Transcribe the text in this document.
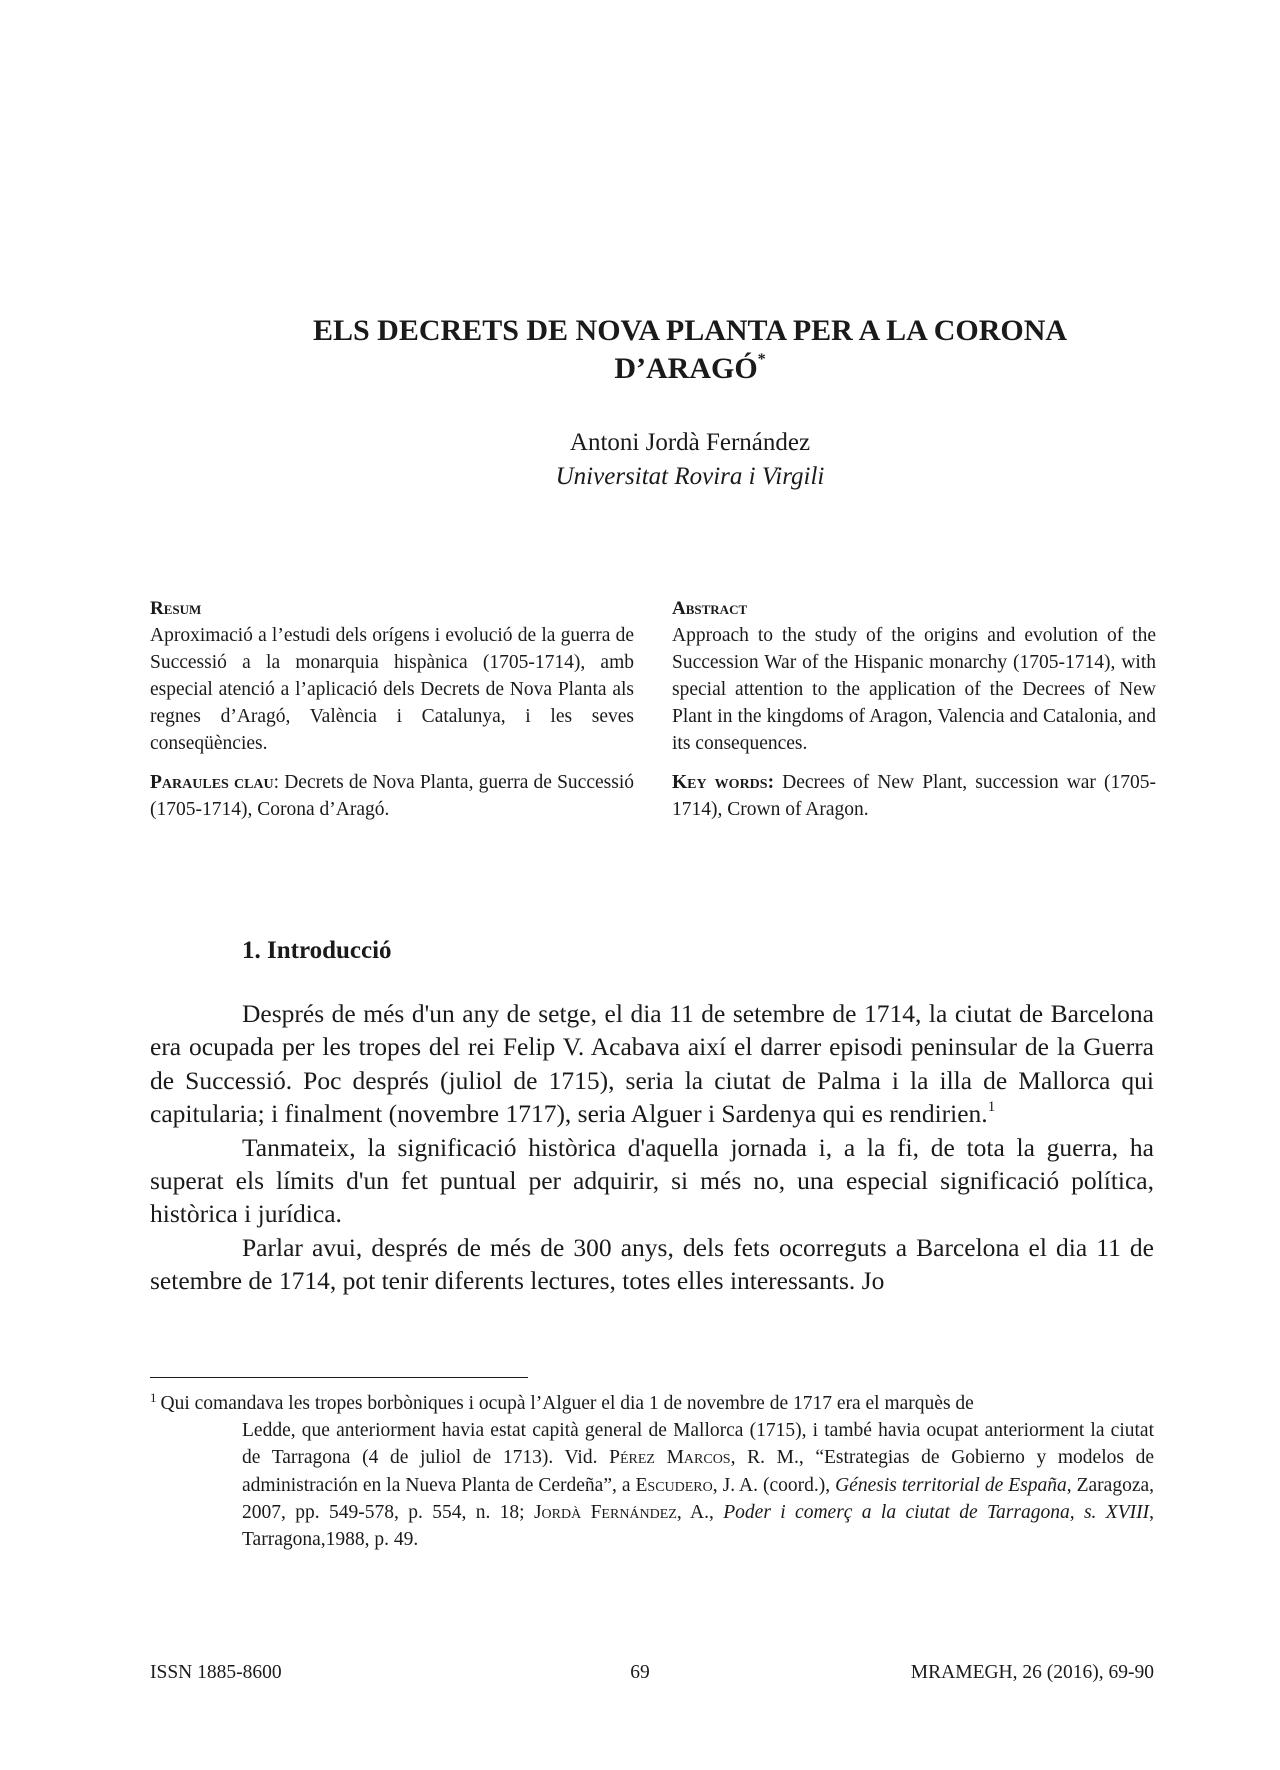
ELS DECRETS DE NOVA PLANTA PER A LA CORONA
D’ARAGÓ*
Antoni Jordà Fernández
Universitat Rovira i Virgili
Resum

Aproximació a l’estudi dels orígens i evolució de la guerra de Successió a la monarquia hispànica (1705-1714), amb especial atenció a l’aplicació dels Decrets de Nova Planta als regnes d’Aragó, València i Catalunya, i les seves conseqüències.

Paraules clau: Decrets de Nova Planta, guerra de Successió (1705-1714), Corona d’Aragó.

Abstract

Approach to the study of the origins and evolution of the Succession War of the Hispanic monarchy (1705-1714), with special attention to the application of the Decrees of New Plant in the kingdoms of Aragon, Valencia and Catalonia, and its consequences.

Key words: Decrees of New Plant, succession war (1705-1714), Crown of Aragon.

1. Introducció

Després de més d'un any de setge, el dia 11 de setembre de 1714, la ciutat de Barcelona era ocupada per les tropes del rei Felip V. Acabava així el darrer episodi peninsular de la Guerra de Successió. Poc després (juliol de 1715), seria la ciutat de Palma i la illa de Mallorca qui capitularia; i finalment (novembre 1717), seria Alguer i Sardenya qui es rendirien.$^1$

Tanmateix, la significació històrica d'aquella jornada i, a la fi, de tota la guerra, ha superat els límits d'un fet puntual per adquirir, si més no, una especial significació política, històrica i jurídica.

Parlar avui, després de més de 300 anys, dels fets ocorreguts a Barcelona el dia 11 de setembre de 1714, pot tenir diferents lectures, totes elles interessants. Jo

$^1$ Qui comandava les tropes borbòniques i ocupà l’Alguer el dia 1 de novembre de 1717 era el marquès de
Ledde, que anteriorment havia estat capità general de Mallorca (1715), i també havia ocupat anteriorment la ciutat de Tarragona (4 de juliol de 1713). Vid. Pérez Marcos, R. M., “Estrategias de Gobierno y modelos de administración en la Nueva Planta de Cerdeña”, a Escudero, J. A. (coord.), Génesis territorial de España, Zaragoza, 2007, pp. 549-578, p. 554, n. 18; Jordà Fernández, A., Poder i comerç a la ciutat de Tarragona, s. XVIII, Tarragona,1988, p. 49.
ISSN 1885-8600	69	MRAMEGH, 26 (2016), 69-90
